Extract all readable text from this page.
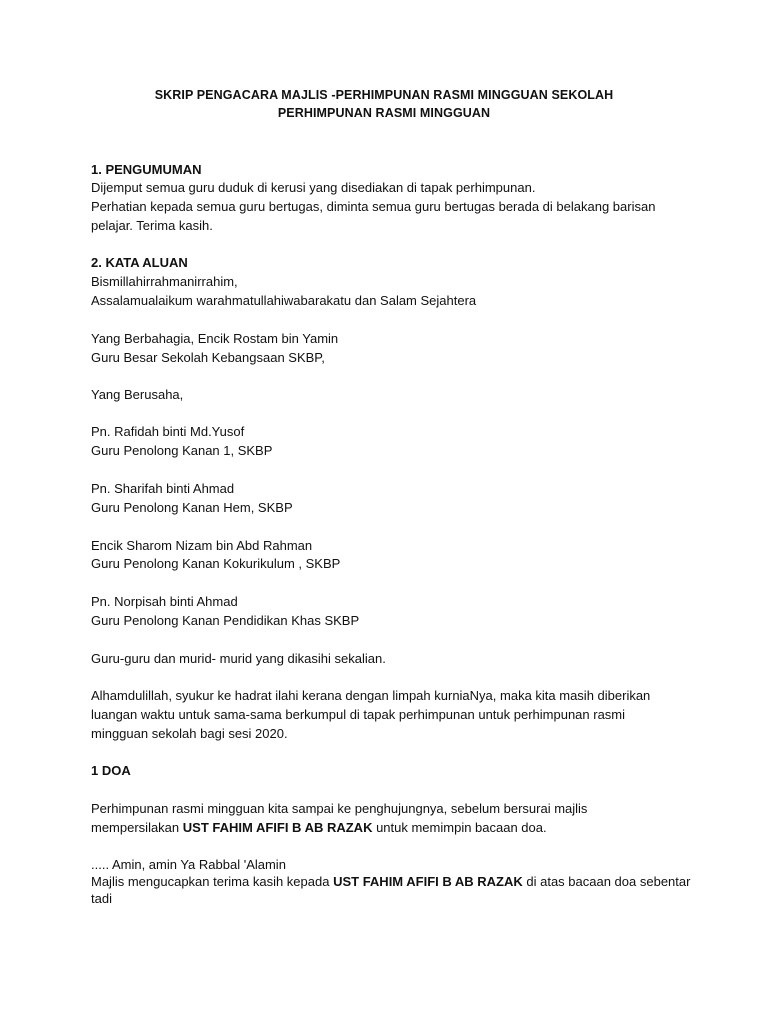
SKRIP PENGACARA MAJLIS -PERHIMPUNAN RASMI MINGGUAN SEKOLAH
PERHIMPUNAN RASMI MINGGUAN
1. PENGUMUMAN
Dijemput semua guru duduk di kerusi yang disediakan di tapak perhimpunan.
Perhatian kepada semua guru bertugas, diminta semua guru bertugas berada di belakang barisan
pelajar. Terima kasih.
2. KATA ALUAN
Bismillahirrahmanirrahim,
Assalamualaikum warahmatullahiwabarakatu dan Salam Sejahtera
Yang Berbahagia, Encik Rostam bin Yamin
Guru Besar Sekolah Kebangsaan SKBP,
Yang Berusaha,
Pn. Rafidah binti Md.Yusof
Guru Penolong Kanan 1, SKBP
Pn. Sharifah binti Ahmad
Guru Penolong Kanan Hem, SKBP
Encik Sharom Nizam bin Abd Rahman
Guru Penolong Kanan Kokurikulum , SKBP
Pn. Norpisah binti Ahmad
Guru Penolong Kanan Pendidikan Khas SKBP
Guru-guru dan murid- murid yang dikasihi sekalian.
Alhamdulillah, syukur ke hadrat ilahi kerana dengan limpah kurniaNya, maka kita masih diberikan
luangan waktu untuk sama-sama berkumpul di tapak perhimpunan untuk perhimpunan rasmi
mingguan sekolah bagi sesi 2020.
1 DOA
Perhimpunan rasmi mingguan kita sampai ke penghujungnya, sebelum bersurai majlis
mempersilakan UST FAHIM AFIFI B AB RAZAK untuk memimpin bacaan doa.
..... Amin, amin Ya Rabbal 'Alamin
Majlis mengucapkan terima kasih kepada UST FAHIM AFIFI B AB RAZAK di atas bacaan doa sebentar
tadi
